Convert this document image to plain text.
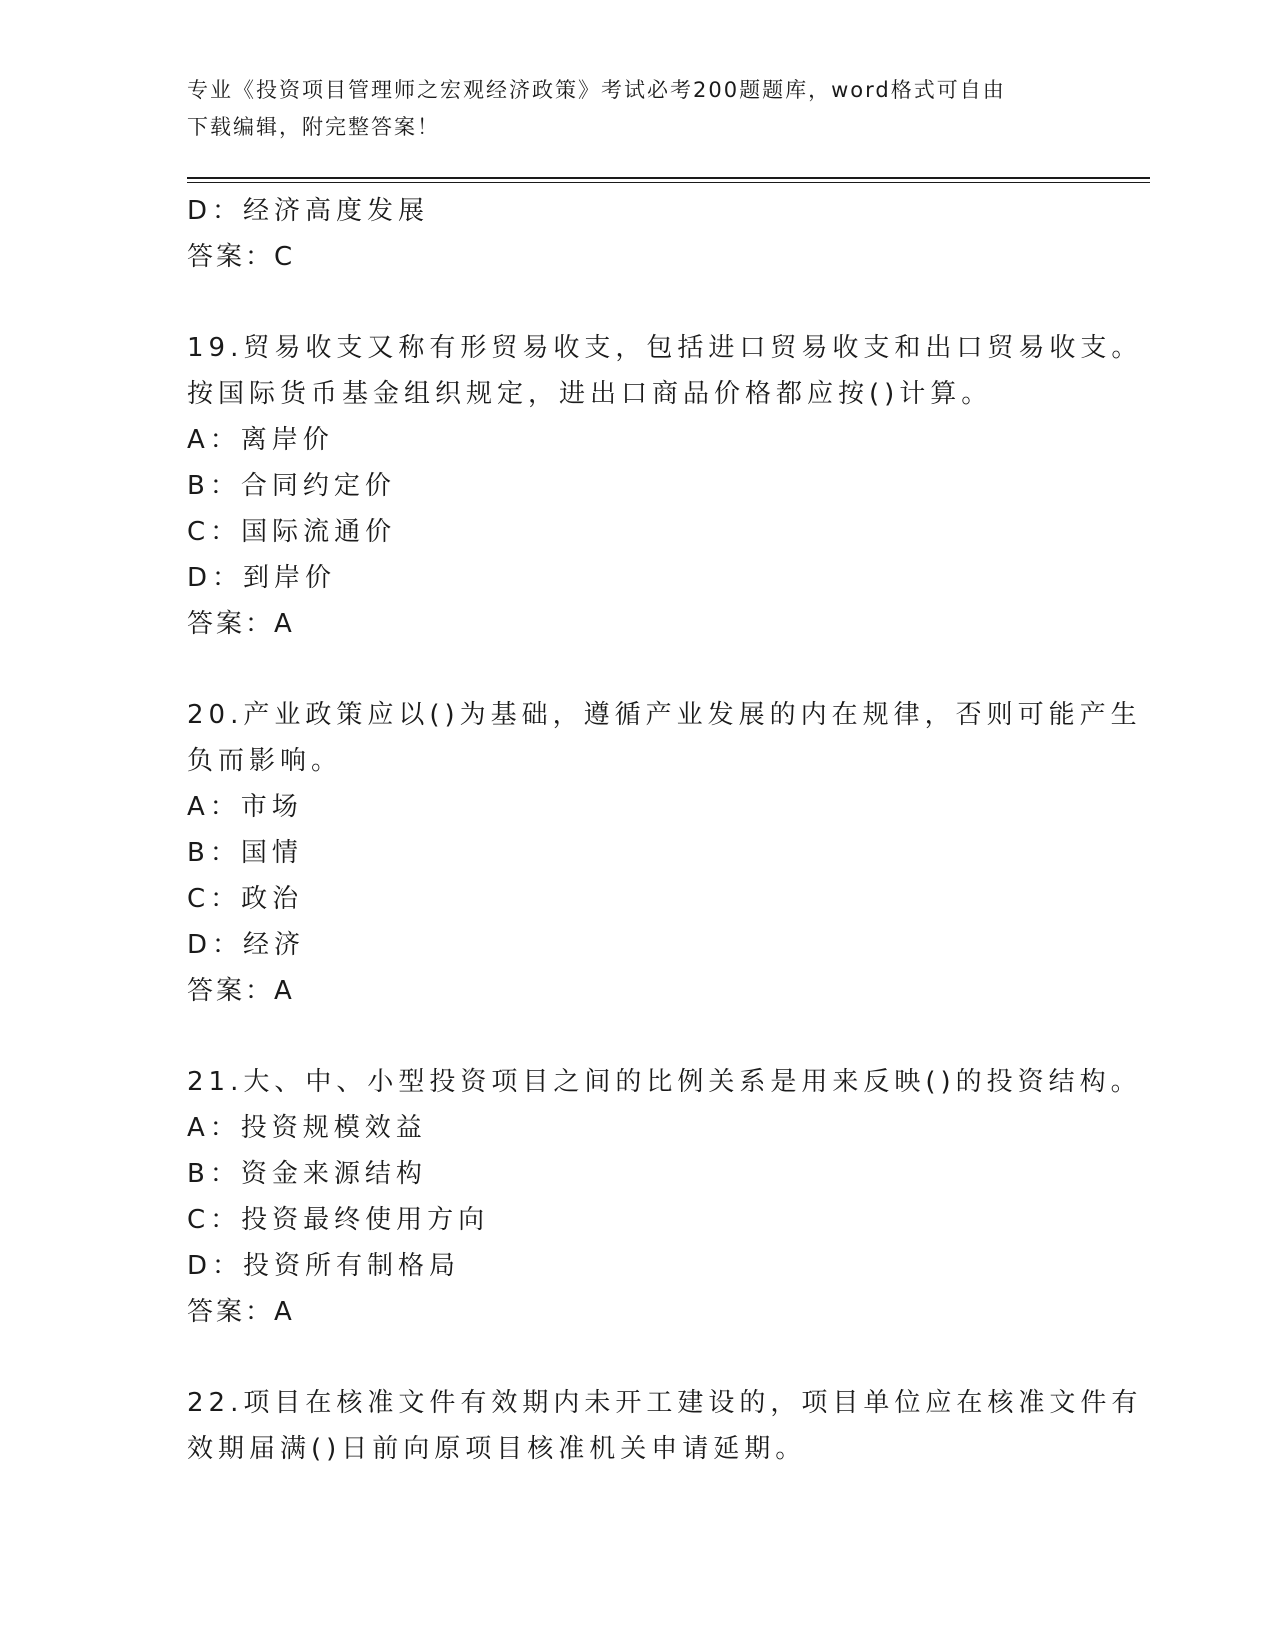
专业《投资项目管理师之宏观经济政策》考试必考200题题库，word格式可自由
下载编辑，附完整答案！
D：经济高度发展
答案：C
19.贸易收支又称有形贸易收支，包括进口贸易收支和出口贸易收支。
按国际货币基金组织规定，进出口商品价格都应按()计算。
A：离岸价
B：合同约定价
C：国际流通价
D：到岸价
答案：A
20.产业政策应以()为基础，遵循产业发展的内在规律，否则可能产生
负而影响。
A：市场
B：国情
C：政治
D：经济
答案：A
21.大、中、小型投资项目之间的比例关系是用来反映()的投资结构。
A：投资规模效益
B：资金来源结构
C：投资最终使用方向
D：投资所有制格局
答案：A
22.项目在核准文件有效期内未开工建设的，项目单位应在核准文件有
效期届满()日前向原项目核准机关申请延期。
